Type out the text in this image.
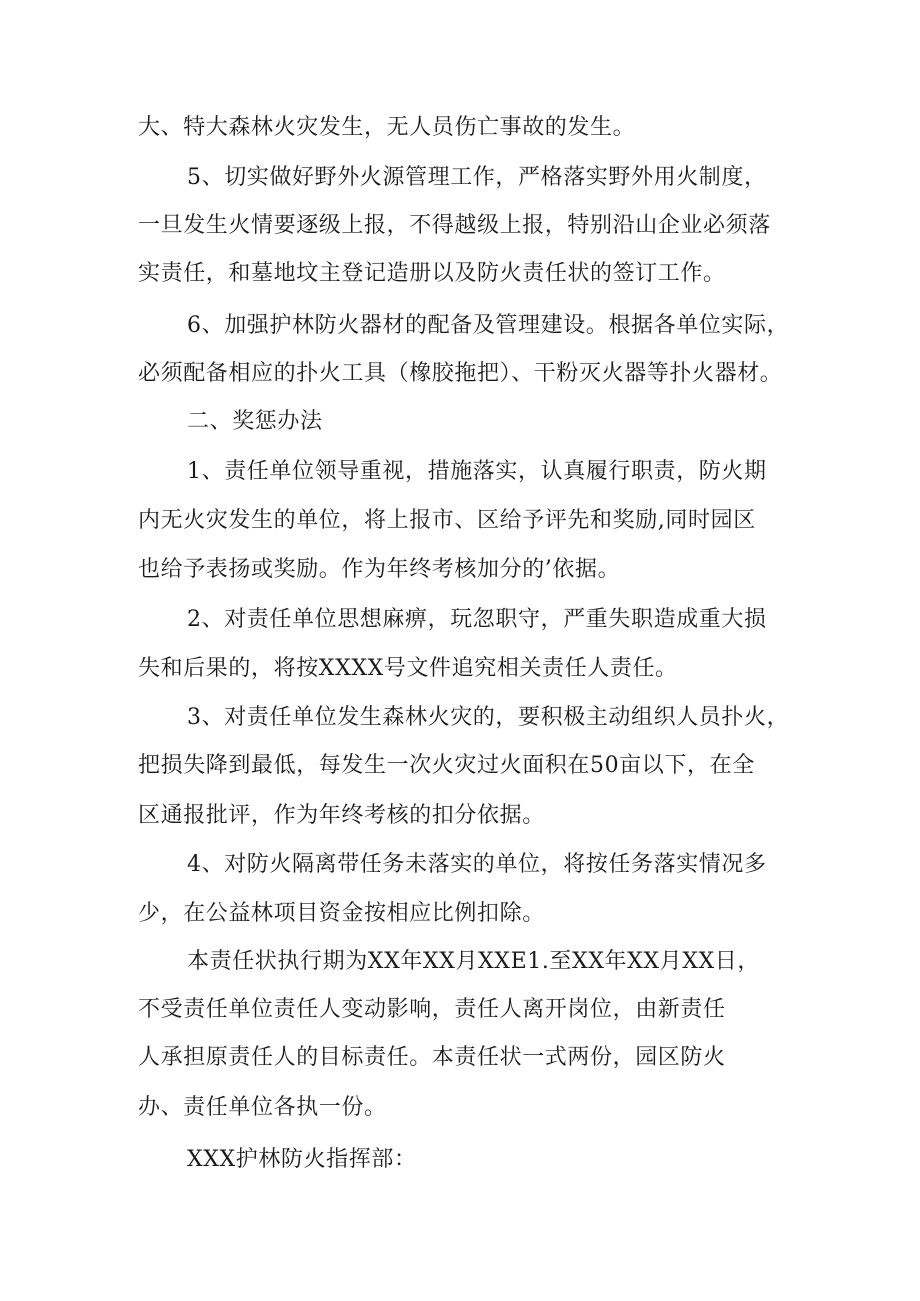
大、特大森林火灾发生，无人员伤亡事故的发生。

5、切实做好野外火源管理工作，严格落实野外用火制度，

一旦发生火情要逐级上报，不得越级上报，特别沿山企业必须落

实责任，和墓地坟主登记造册以及防火责任状的签订工作。

6、加强护林防火器材的配备及管理建设。根据各单位实际，

必须配备相应的扑火工具（橡胶拖把）、干粉灭火器等扑火器材。

二、奖惩办法

1、责任单位领导重视，措施落实，认真履行职责，防火期

内无火灾发生的单位，将上报市、区给予评先和奖励,同时园区

也给予表扬或奖励。作为年终考核加分的’依据。

2、对责任单位思想麻痹，玩忽职守，严重失职造成重大损

失和后果的，将按XXXX号文件追究相关责任人责任。

3、对责任单位发生森林火灾的，要积极主动组织人员扑火，

把损失降到最低，每发生一次火灾过火面积在50亩以下，在全

区通报批评，作为年终考核的扣分依据。

4、对防火隔离带任务未落实的单位，将按任务落实情况多

少，在公益林项目资金按相应比例扣除。

本责任状执行期为XX年XX月XXE1.至XX年XX月XX日，

不受责任单位责任人变动影响，责任人离开岗位，由新责任

人承担原责任人的目标责任。本责任状一式两份，园区防火

办、责任单位各执一份。

XXX护林防火指挥部：
